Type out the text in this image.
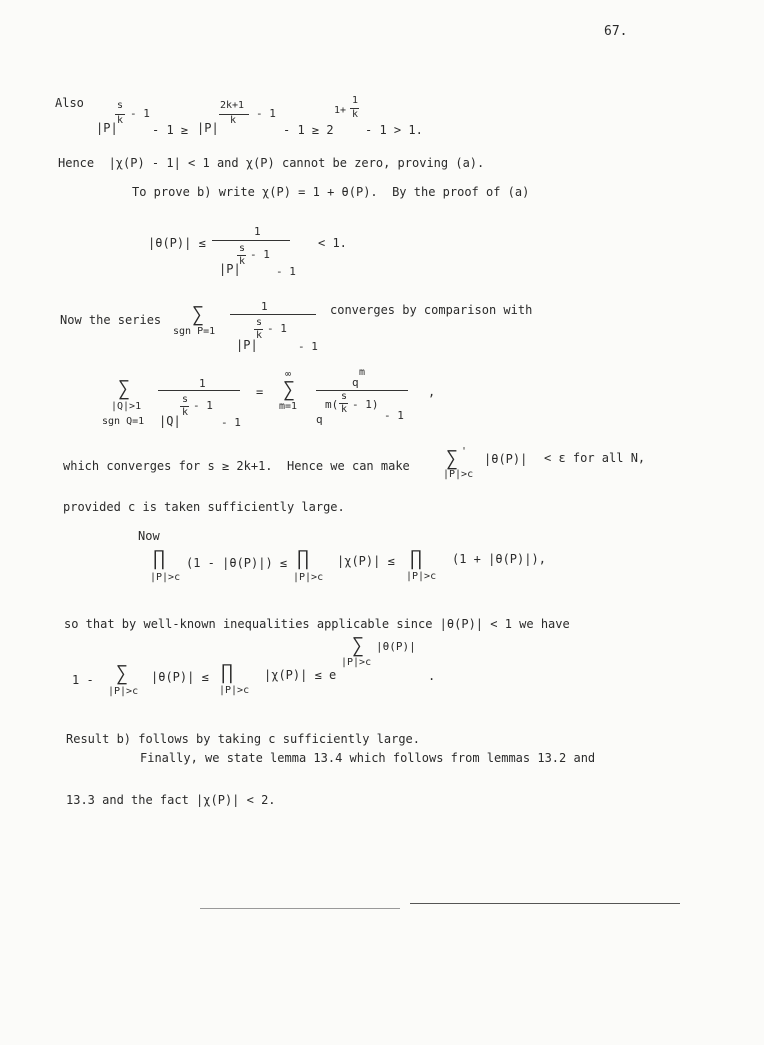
67.
Also
|P|
s
k
- 1
- 1 ≥ |P|
2k+1
k
- 1
- 1 ≥ 2
1+
1
k
- 1 > 1.
Hence  |χ(P) - 1| < 1 and χ(P) cannot be zero, proving (a).
To prove b) write χ(P) = 1 + θ(P).  By the proof of (a)
|θ(P)| ≤
1
s
k
- 1
|P|	- 1
< 1.
Now the series ∑
sgn P=1
1
s
k
- 1
|P|	- 1
converges by comparison with
∑
|Q|>1
sgn Q=1
1
s
k
- 1
|Q|	- 1
=
∞
∑
m=1
q
m
m(
s
k - 1)
q	- 1
,
which converges for s ≥ 2k+1.  Hence we can make ∑ '
|P|>c
|θ(P)| < ε for all N,
provided c is taken sufficiently large.
Now
∏
|P|>c
(1 - |θ(P)|) ≤ ∏
|P|>c
|χ(P)| ≤ ∏
|P|>c
(1 + |θ(P)|),
so that by well-known inequalities applicable since |θ(P)| < 1 we have
1 - ∑
|P|>c
|θ(P)| ≤ ∏
|P|>c
|χ(P)| ≤ e
∑
|P|>c
|θ(P)|
.
Result b) follows by taking c sufficiently large.
Finally, we state lemma 13.4 which follows from lemmas 13.2 and
13.3 and the fact |χ(P)| < 2.
